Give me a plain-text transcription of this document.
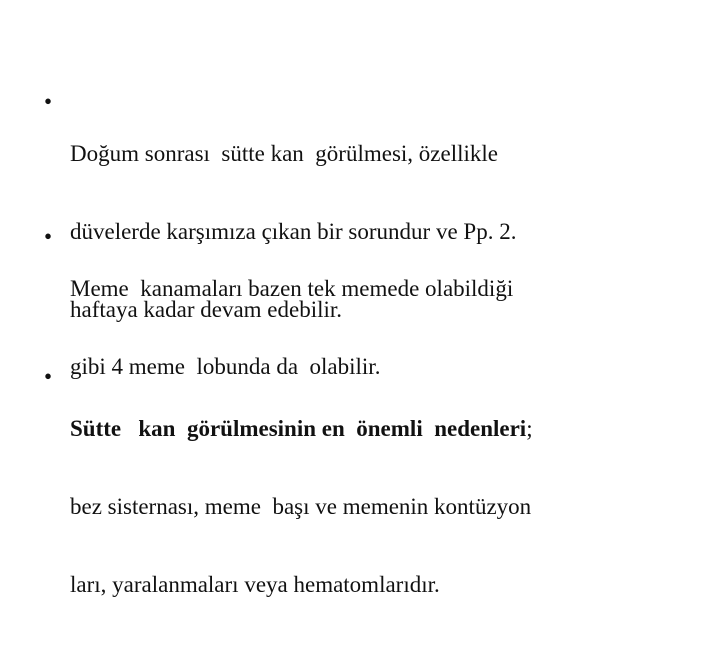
•

Doğum sonrası  sütte kan  görülmesi, özellikle

düvelerde karşımıza çıkan bir sorundur ve Pp. 2.

haftaya kadar devam edebilir.

•

Meme  kanamaları bazen tek memede olabildiği

gibi 4 meme  lobunda da  olabilir.

•

Sütte   kan  görülmesinin en  önemli  nedenleri;

bez sisternası, meme  başı ve memenin kontüzyon

ları, yaralanmaları veya hematomlarıdır.
